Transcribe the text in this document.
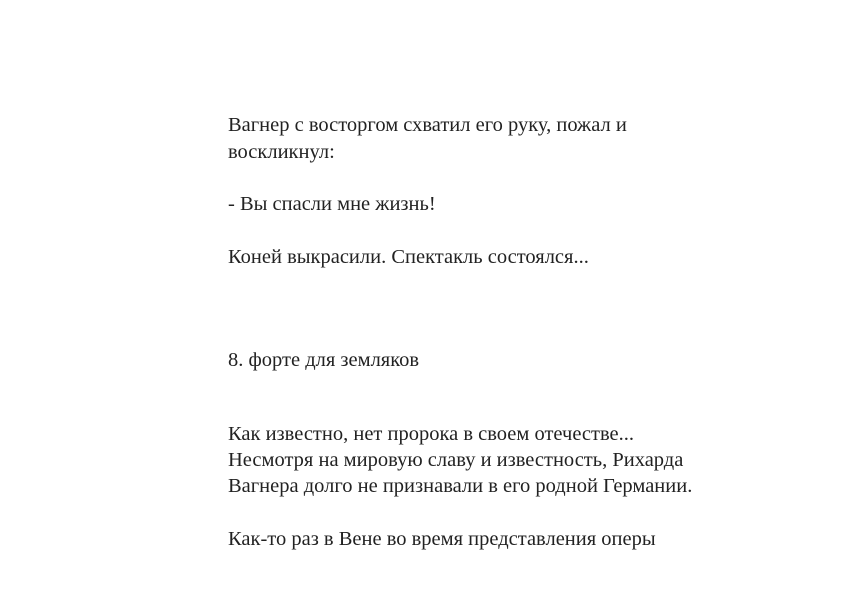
Вагнер с восторгом схватил его руку, пожал и

воскликнул:

- Вы спасли мне жизнь!

Коней выкрасили. Спектакль состоялся...

8. форте для земляков

Как известно, нет пророка в своем отечестве...

Несмотря на мировую славу и известность, Рихарда

Вагнера долго не признавали в его родной Германии.

Как-то раз в Вене во время представления оперы
